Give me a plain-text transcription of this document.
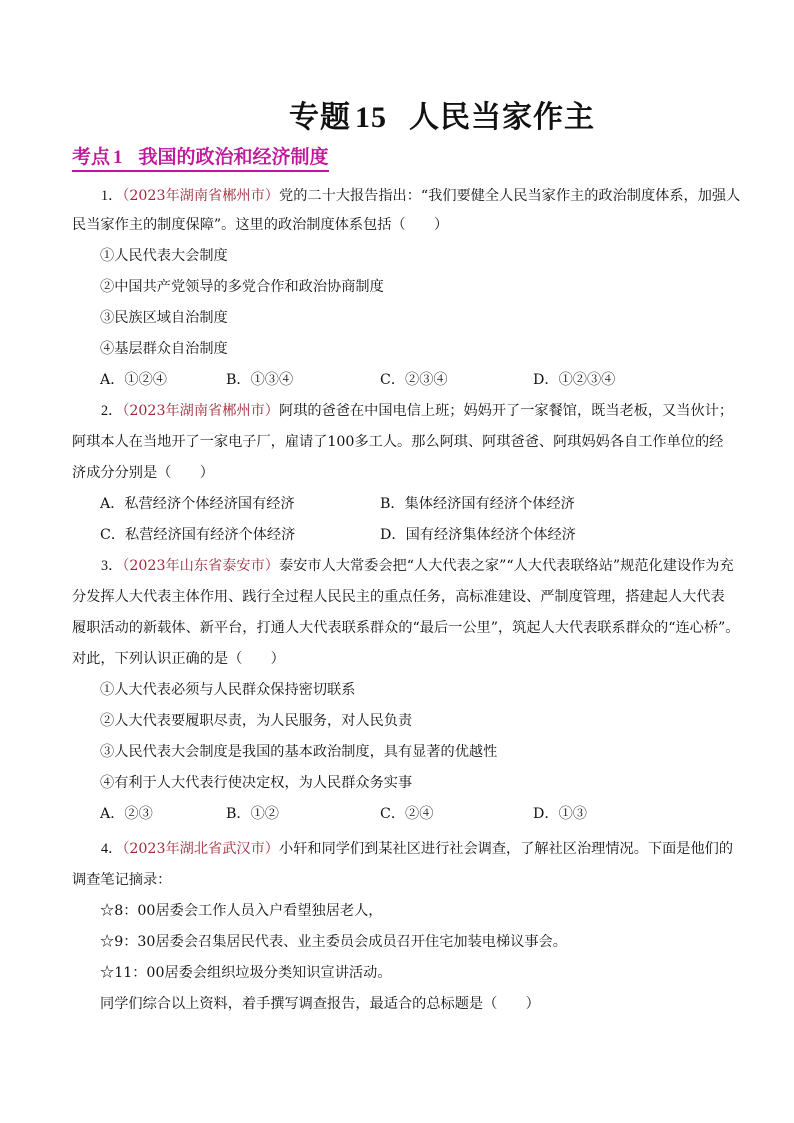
专题 15 人民当家作主
考点 1 我国的政治和经济制度
1．（2023年湖南省郴州市）党的二十大报告指出：“我们要健全人民当家作主的政治制度体系，加强人
民当家作主的制度保障”。这里的政治制度体系包括（　　）
①人民代表大会制度
②中国共产党领导的多党合作和政治协商制度
③民族区域自治制度
④基层群众自治制度
A．①②④	B．①③④	C．②③④	D．①②③④
2．（2023年湖南省郴州市）阿琪的爸爸在中国电信上班；妈妈开了一家餐馆，既当老板，又当伙计；
阿琪本人在当地开了一家电子厂，雇请了100多工人。那么阿琪、阿琪爸爸、阿琪妈妈各自工作单位的经
济成分分别是（　　）
A．私营经济个体经济国有经济	B．集体经济国有经济个体经济
C．私营经济国有经济个体经济	D．国有经济集体经济个体经济
3．（2023年山东省泰安市）泰安市人大常委会把“人大代表之家”“人大代表联络站”规范化建设作为充
分发挥人大代表主体作用、践行全过程人民民主的重点任务，高标准建设、严制度管理，搭建起人大代表
履职活动的新载体、新平台，打通人大代表联系群众的“最后一公里”，筑起人大代表联系群众的“连心桥”。
对此，下列认识正确的是（　　）
①人大代表必须与人民群众保持密切联系
②人大代表要履职尽责，为人民服务，对人民负责
③人民代表大会制度是我国的基本政治制度，具有显著的优越性
④有利于人大代表行使决定权，为人民群众务实事
A．②③	B．①②	C．②④	D．①③
4．（2023年湖北省武汉市）小轩和同学们到某社区进行社会调查，了解社区治理情况。下面是他们的
调查笔记摘录：
☆8：00居委会工作人员入户看望独居老人，
☆9：30居委会召集居民代表、业主委员会成员召开住宅加装电梯议事会。
☆11：00居委会组织垃圾分类知识宣讲活动。
同学们综合以上资料，着手撰写调查报告，最适合的总标题是（　　）
